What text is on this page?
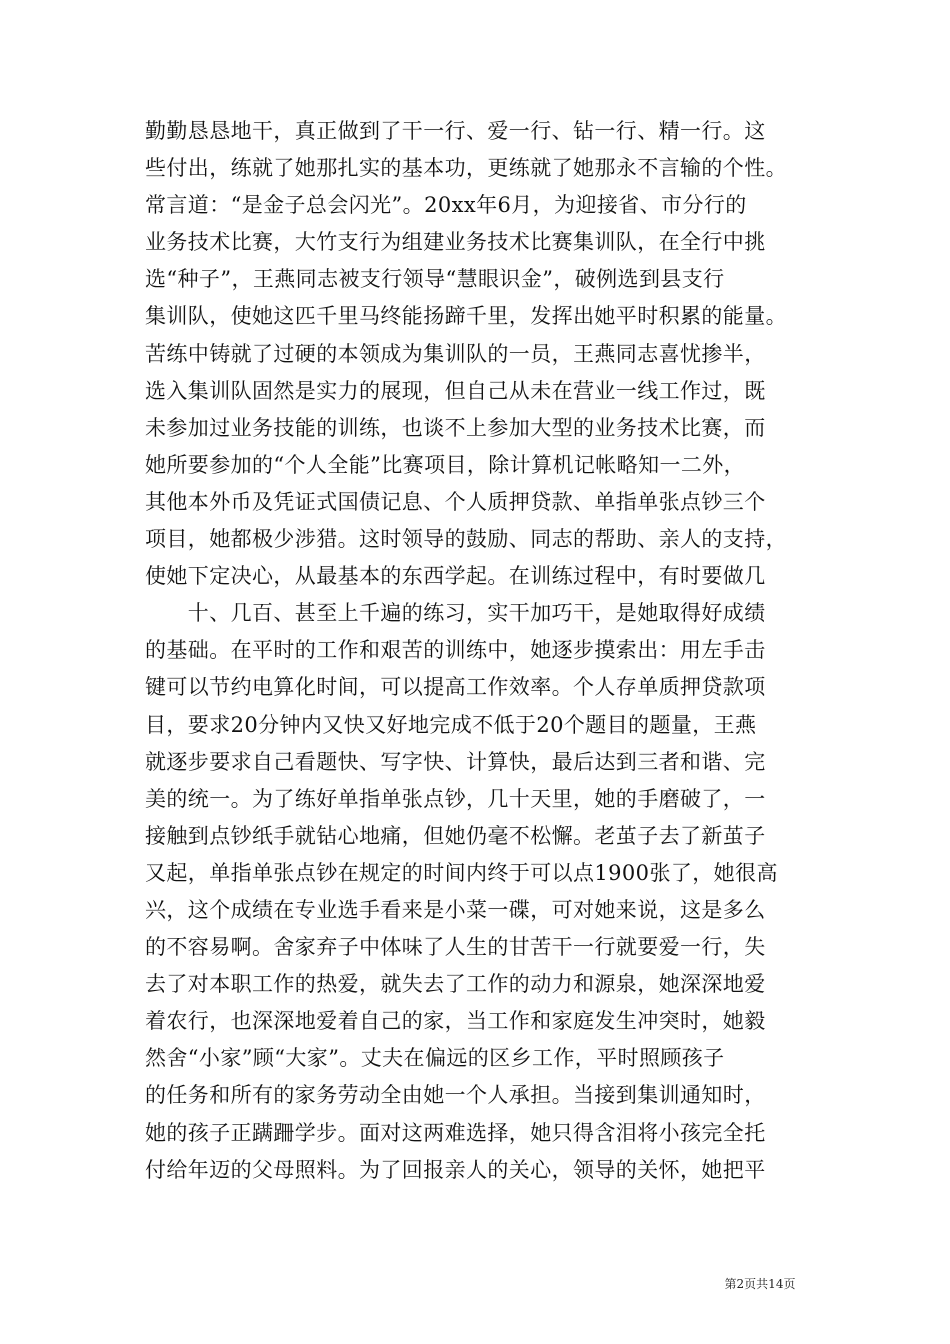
勤勤恳恳地干，真正做到了干一行、爱一行、钻一行、精一行。这
些付出，练就了她那扎实的基本功，更练就了她那永不言输的个性。
常言道：“是金子总会闪光”。20xx年6月，为迎接省、市分行的
业务技术比赛，大竹支行为组建业务技术比赛集训队，在全行中挑
选“种子”，王燕同志被支行领导“慧眼识金”，破例选到县支行
集训队，使她这匹千里马终能扬蹄千里，发挥出她平时积累的能量。
苦练中铸就了过硬的本领成为集训队的一员，王燕同志喜忧掺半，
选入集训队固然是实力的展现，但自己从未在营业一线工作过，既
未参加过业务技能的训练，也谈不上参加大型的业务技术比赛，而
她所要参加的“个人全能”比赛项目，除计算机记帐略知一二外，
其他本外币及凭证式国债记息、个人质押贷款、单指单张点钞三个
项目，她都极少涉猎。这时领导的鼓励、同志的帮助、亲人的支持，
使她下定决心，从最基本的东西学起。在训练过程中，有时要做几
　　十、几百、甚至上千遍的练习，实干加巧干，是她取得好成绩
的基础。在平时的工作和艰苦的训练中，她逐步摸索出：用左手击
键可以节约电算化时间，可以提高工作效率。个人存单质押贷款项
目，要求20分钟内又快又好地完成不低于20个题目的题量，王燕
就逐步要求自己看题快、写字快、计算快，最后达到三者和谐、完
美的统一。为了练好单指单张点钞，几十天里，她的手磨破了，一
接触到点钞纸手就钻心地痛，但她仍毫不松懈。老茧子去了新茧子
又起，单指单张点钞在规定的时间内终于可以点1900张了，她很高
兴，这个成绩在专业选手看来是小菜一碟，可对她来说，这是多么
的不容易啊。舍家弃子中体味了人生的甘苦干一行就要爱一行，失
去了对本职工作的热爱，就失去了工作的动力和源泉，她深深地爱
着农行，也深深地爱着自己的家，当工作和家庭发生冲突时，她毅
然舍“小家”顾“大家”。丈夫在偏远的区乡工作，平时照顾孩子
的任务和所有的家务劳动全由她一个人承担。当接到集训通知时，
她的孩子正蹒跚学步。面对这两难选择，她只得含泪将小孩完全托
付给年迈的父母照料。为了回报亲人的关心，领导的关怀，她把平
第2页共14页
